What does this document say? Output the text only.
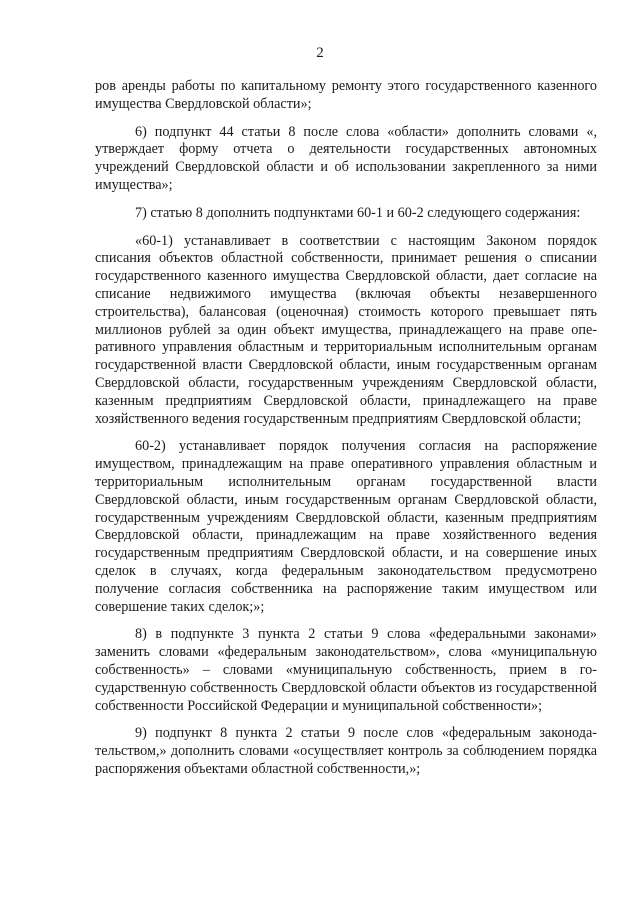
2

ров аренды работы по капитальному ремонту этого государственного казенного имущества Свердловской области»;

6) подпункт 44 статьи 8 после слова «области» дополнить словами «, утверждает форму отчета о деятельности государственных автономных учреждений Свердловской области и об использовании закрепленного за ними имущества»;

7) статью 8 дополнить подпунктами 60-1 и 60-2 следующего содержания:

«60-1) устанавливает в соответствии с настоящим Законом порядок списания объектов областной собственности, принимает решения о списании государственного казенного имущества Свердловской области, дает согласие на списание недвижимого имущества (включая объекты незавершенного строительства), балансовая (оценочная) стоимость которого превышает пять миллионов рублей за один объект имущества, принадлежащего на праве оперативного управления областным и территориальным исполнительным органам государственной власти Свердловской области, иным государственным органам Свердловской области, государственным учреждениям Свердловской области, казенным предприятиям Свердловской области, принадлежащего на праве хозяйственного ведения государственным предприятиям Свердловской области;

60-2) устанавливает порядок получения согласия на распоряжение имуществом, принадлежащим на праве оперативного управления областным и территориальным исполнительным органам государственной власти Свердловской области, иным государственным органам Свердловской области, государственным учреждениям Свердловской области, казенным предприятиям Свердловской области, принадлежащим на праве хозяйственного ведения государственным предприятиям Свердловской области, и на совершение иных сделок в случаях, когда федеральным законодательством предусмотрено получение согласия собственника на распоряжение таким имуществом или совершение таких сделок;»;

8) в подпункте 3 пункта 2 статьи 9 слова «федеральными законами» заменить словами «федеральным законодательством», слова «муниципальную собственность» – словами «муниципальную собственность, прием в государственную собственность Свердловской области объектов из государственной собственности Российской Федерации и муниципальной собственности»;

9) подпункт 8 пункта 2 статьи 9 после слов «федеральным законодательством,» дополнить словами «осуществляет контроль за соблюдением порядка распоряжения объектами областной собственности,»;
